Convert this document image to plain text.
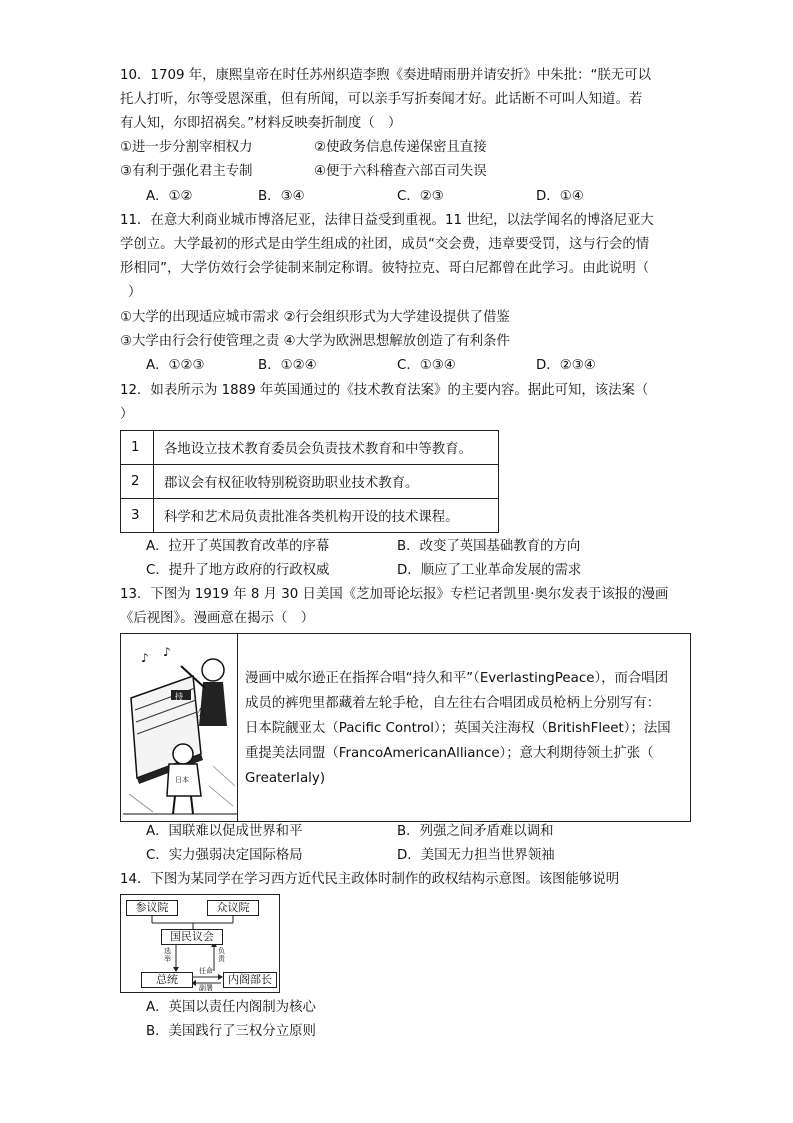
10．1709 年，康熙皇帝在时任苏州织造李煦《奏进晴雨册并请安折》中朱批：“朕无可以
托人打听，尔等受恩深重，但有所闻，可以亲手写折奏闻才好。此话断不可叫人知道。若
有人知，尔即招祸矣。”材料反映奏折制度（　）
①进一步分割宰相权力	②使政务信息传递保密且直接
③有利于强化君主专制	④便于六科稽查六部百司失误
A．①②	B．③④	C．②③	D．①④
11．在意大利商业城市博洛尼亚，法律日益受到重视。11 世纪，以法学闻名的博洛尼亚大
学创立。大学最初的形式是由学生组成的社团，成员“交会费，违章要受罚，这与行会的情
形相同”，大学仿效行会学徒制来制定称谓。彼特拉克、哥白尼都曾在此学习。由此说明（
）
①大学的出现适应城市需求 ②行会组织形式为大学建设提供了借鉴
③大学由行会行使管理之责 ④大学为欧洲思想解放创造了有利条件
A．①②③	B．①②④	C．①③④	D．②③④
12．如表所示为 1889 年英国通过的《技术教育法案》的主要内容。据此可知，该法案（
）
1	各地设立技术教育委员会负责技术教育和中等教育。
2	郡议会有权征收特别税资助职业技术教育。
3	科学和艺术局负责批准各类机构开设的技术课程。
A．拉开了英国教育改革的序幕	B．改变了英国基础教育的方向
C．提升了地方政府的行政权威	D．顺应了工业革命发展的需求
13．下图为 1919 年 8 月 30 日美国《芝加哥论坛报》专栏记者凯里·奥尔发表于该报的漫画
《后视图》。漫画意在揭示（　）
♪ ♪
持
久
日本
漫画中威尔逊正在指挥合唱“持久和平”（EverlastingPeace），而合唱团
成员的裤兜里都藏着左轮手枪，自左往右合唱团成员枪柄上分别写有：
日本院觎亚太（Pacific Control）；英国关注海权（BritishFleet）；法国
重提美法同盟（FrancoAmericanAlliance）；意大利期待领土扩张（
GreaterIaly)
A．国联难以促成世界和平	B．列强之间矛盾难以调和
C．实力强弱决定国际格局	D．美国无力担当世界领袖
14．下图为某同学在学习西方近代民主政体时制作的政权结构示意图。该图能够说明
参议院	众议院
国民议会
选举
负责
总统
任命
副署
内阁部长
A．英国以责任内阁制为核心
B．美国践行了三权分立原则
